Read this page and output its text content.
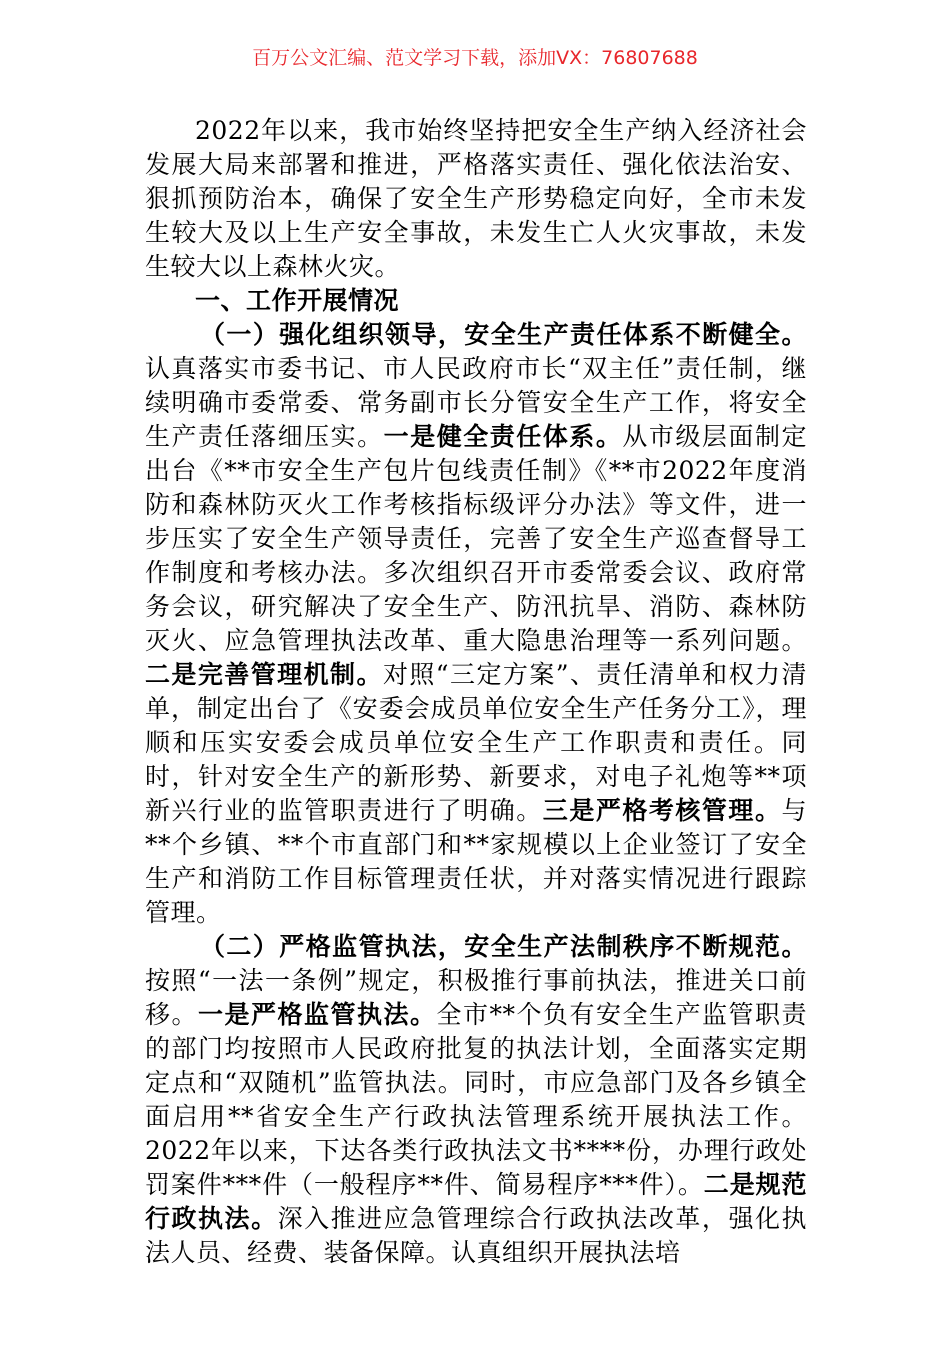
百万公文汇编、范文学习下载，添加VX：76807688

2022年以来，我市始终坚持把安全生产纳入经济社会发展大局来部署和推进，严格落实责任、强化依法治安、狠抓预防治本，确保了安全生产形势稳定向好，全市未发生较大及以上生产安全事故，未发生亡人火灾事故，未发生较大以上森林火灾。

一、工作开展情况

（一）强化组织领导，安全生产责任体系不断健全。认真落实市委书记、市人民政府市长“双主任”责任制，继续明确市委常委、常务副市长分管安全生产工作，将安全生产责任落细压实。一是健全责任体系。从市级层面制定出台《**市安全生产包片包线责任制》《**市2022年度消防和森林防灭火工作考核指标级评分办法》等文件，进一步压实了安全生产领导责任，完善了安全生产巡查督导工作制度和考核办法。多次组织召开市委常委会议、政府常务会议，研究解决了安全生产、防汛抗旱、消防、森林防灭火、应急管理执法改革、重大隐患治理等一系列问题。二是完善管理机制。对照“三定方案”、责任清单和权力清单，制定出台了《安委会成员单位安全生产任务分工》，理顺和压实安委会成员单位安全生产工作职责和责任。同时，针对安全生产的新形势、新要求，对电子礼炮等**项新兴行业的监管职责进行了明确。三是严格考核管理。与**个乡镇、**个市直部门和**家规模以上企业签订了安全生产和消防工作目标管理责任状，并对落实情况进行跟踪管理。

（二）严格监管执法，安全生产法制秩序不断规范。按照“一法一条例”规定，积极推行事前执法，推进关口前移。一是严格监管执法。全市**个负有安全生产监管职责的部门均按照市人民政府批复的执法计划，全面落实定期定点和“双随机”监管执法。同时，市应急部门及各乡镇全面启用**省安全生产行政执法管理系统开展执法工作。2022年以来，下达各类行政执法文书****份，办理行政处罚案件***件（一般程序**件、简易程序***件）。二是规范行政执法。深入推进应急管理综合行政执法改革，强化执法人员、经费、装备保障。认真组织开展执法培
